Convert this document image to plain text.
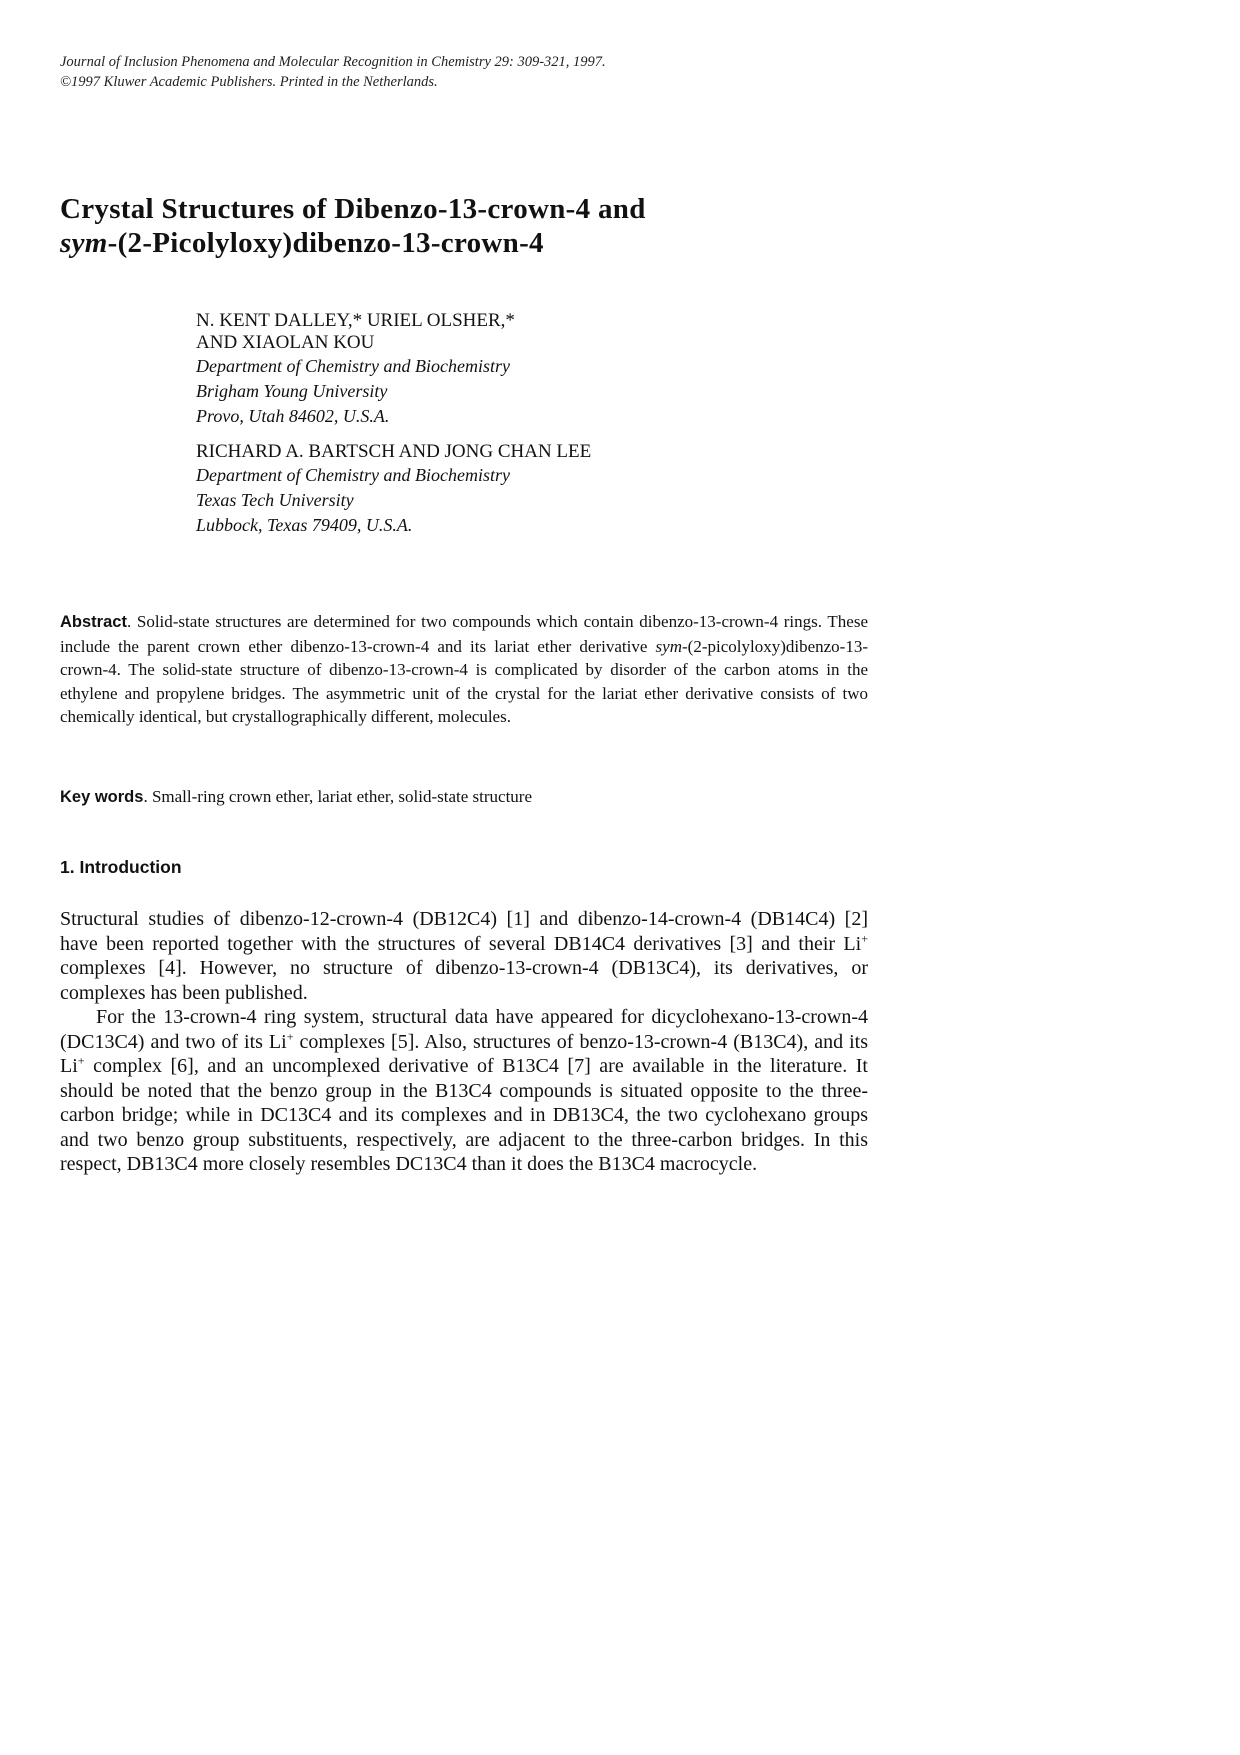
Journal of Inclusion Phenomena and Molecular Recognition in Chemistry 29: 309-321, 1997.
©1997 Kluwer Academic Publishers. Printed in the Netherlands.
Crystal Structures of Dibenzo-13-crown-4 and
sym-(2-Picolyloxy)dibenzo-13-crown-4
N. KENT DALLEY,* URIEL OLSHER,*
AND XIAOLAN KOU
Department of Chemistry and Biochemistry
Brigham Young University
Provo, Utah 84602, U.S.A.
RICHARD A. BARTSCH AND JONG CHAN LEE
Department of Chemistry and Biochemistry
Texas Tech University
Lubbock, Texas 79409, U.S.A.
Abstract. Solid-state structures are determined for two compounds which contain dibenzo-13-crown-4 rings. These include the parent crown ether dibenzo-13-crown-4 and its lariat ether derivative sym-(2-picolyloxy)dibenzo-13-crown-4. The solid-state structure of dibenzo-13-crown-4 is complicated by disorder of the carbon atoms in the ethylene and propylene bridges. The asymmetric unit of the crystal for the lariat ether derivative consists of two chemically identical, but crystallographically different, molecules.
Key words. Small-ring crown ether, lariat ether, solid-state structure
1. Introduction

Structural studies of dibenzo-12-crown-4 (DB12C4) [1] and dibenzo-14-crown-4 (DB14C4) [2] have been reported together with the structures of several DB14C4 derivatives [3] and their Li+ complexes [4]. However, no structure of dibenzo-13-crown-4 (DB13C4), its derivatives, or complexes has been published.

For the 13-crown-4 ring system, structural data have appeared for dicyclohexano-13-crown-4 (DC13C4) and two of its Li+ complexes [5]. Also, structures of benzo-13-crown-4 (B13C4), and its Li+ complex [6], and an uncomplexed derivative of B13C4 [7] are available in the literature. It should be noted that the benzo group in the B13C4 compounds is situated opposite to the three-carbon bridge; while in DC13C4 and its complexes and in DB13C4, the two cyclohexano groups and two benzo group substituents, respectively, are adjacent to the three-carbon bridges. In this respect, DB13C4 more closely resembles DC13C4 than it does the B13C4 macrocycle.
